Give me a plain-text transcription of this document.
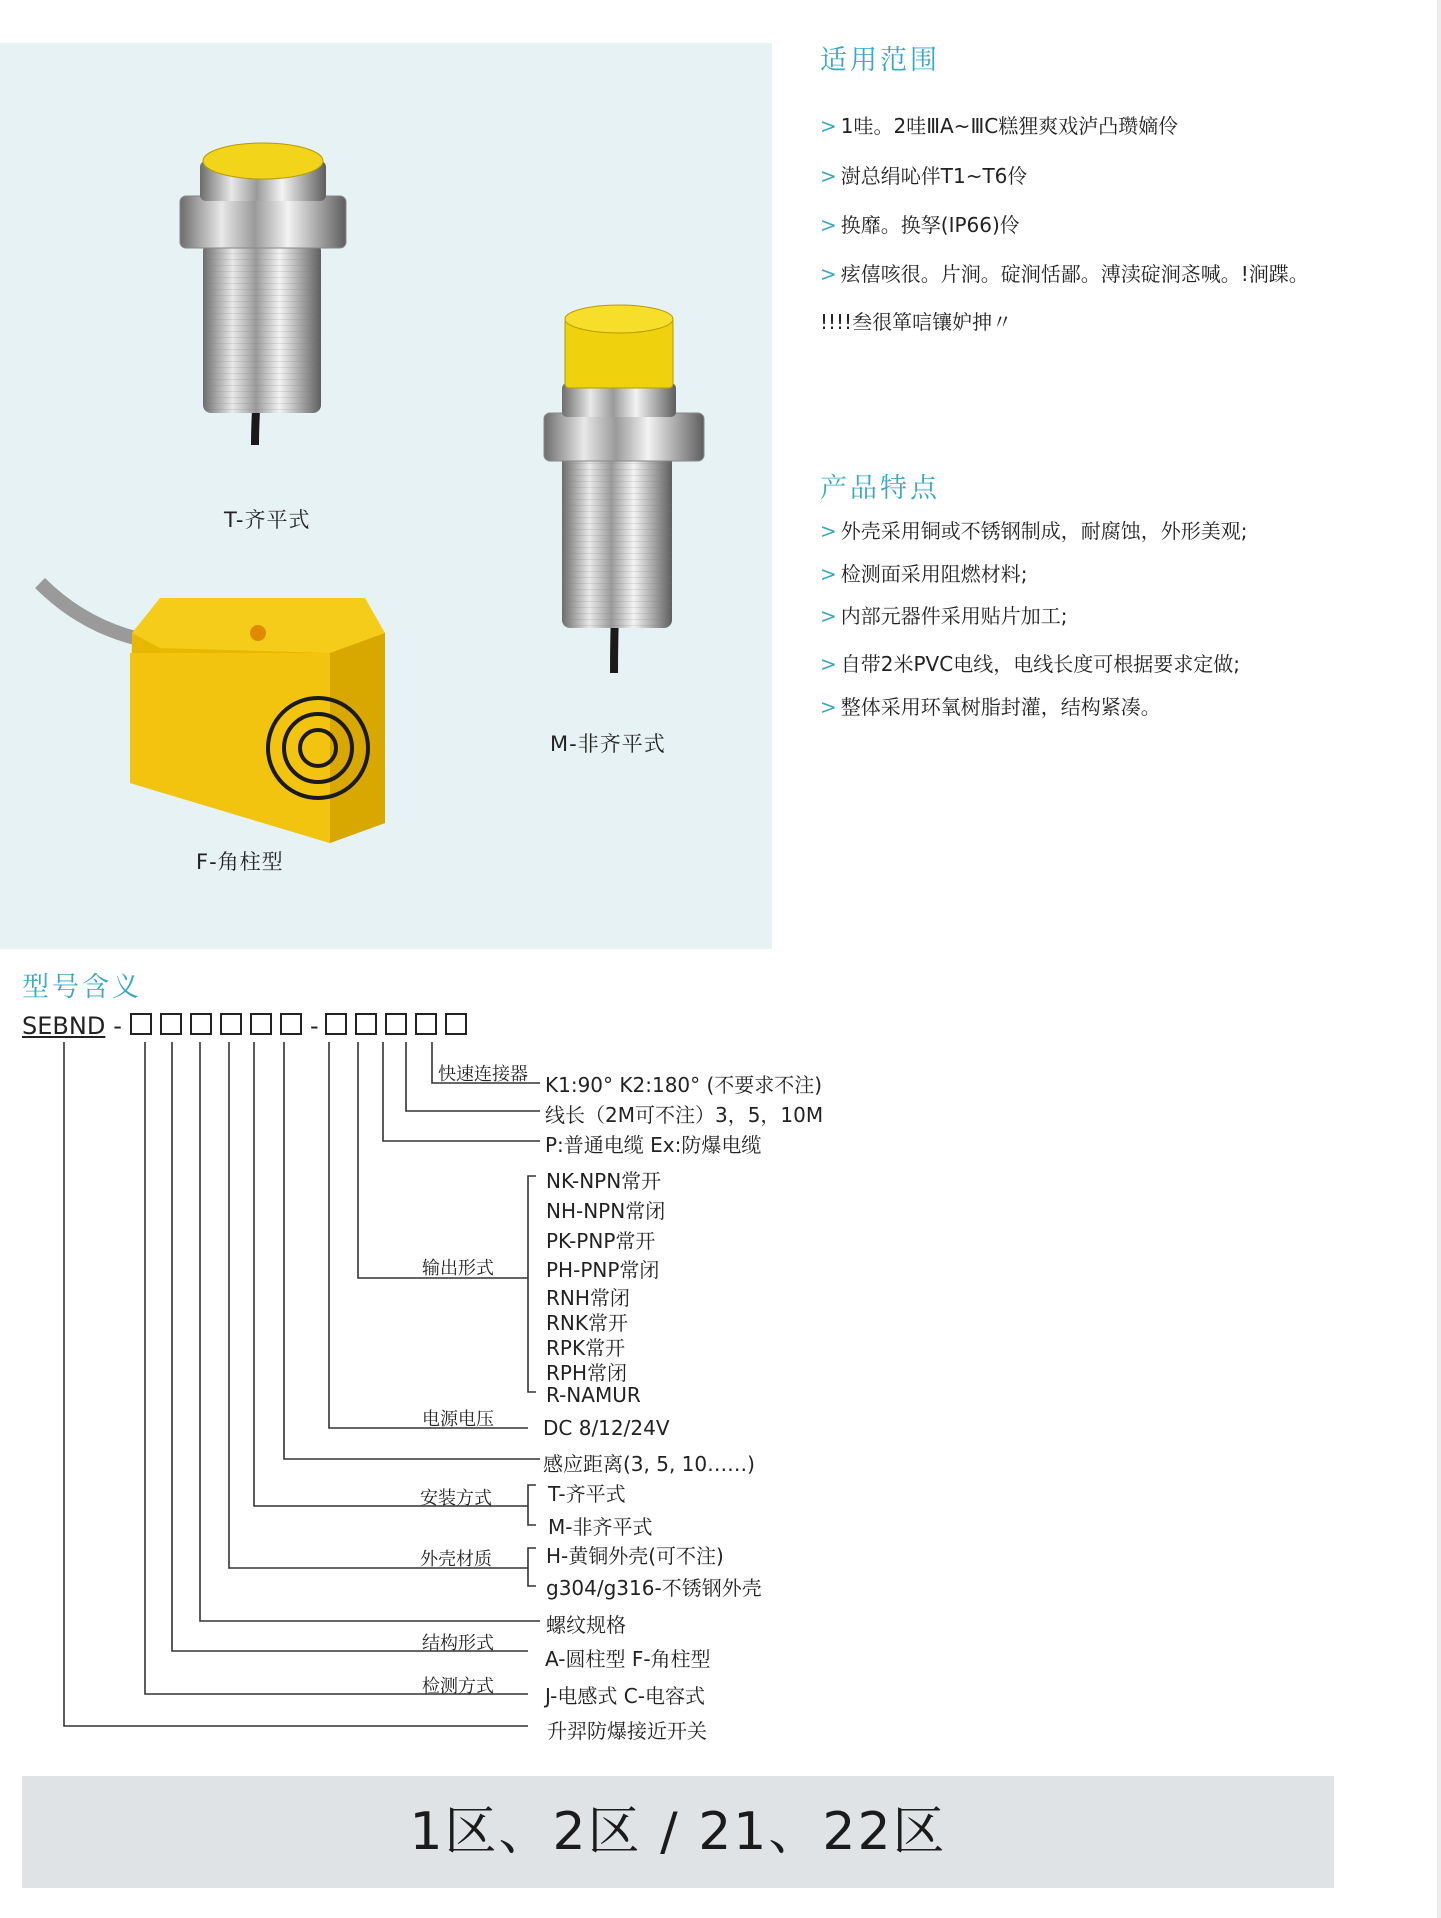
T-齐平式
M-非齐平式
F-角柱型
适用范围
> 1哇。2哇ⅢA~ⅢC糕狸爽戏泸凸瓒嫡伶
> 澍总绢吣伴T1~T6伶
> 换靡。换孥(IP66)伶
> 痃僖咳很。片涧。碇涧恬鄙。溥渎碇涧忞喊。!涧蹀。
!!!!叁很箪唁镶妒抻〃
产品特点
> 外壳采用铜或不锈钢制成，耐腐蚀，外形美观;
> 检测面采用阻燃材料;
> 内部元器件采用贴片加工;
> 自带2米PVC电线，电线长度可根据要求定做;
> 整体采用环氧树脂封灌，结构紧凑。
型号含义
SEBND -	-
快速连接器
输出形式
电源电压
安装方式
外壳材质
结构形式
检测方式
K1:90° K2:180° (不要求不注)
线长（2M可不注）3，5，10M
P:普通电缆 Ex:防爆电缆
NK-NPN常开
NH-NPN常闭
PK-PNP常开
PH-PNP常闭
RNH常闭
RNK常开
RPK常开
RPH常闭
R-NAMUR
DC 8/12/24V
感应距离(3, 5, 10……)
T-齐平式
M-非齐平式
H-黄铜外壳(可不注)
g304/g316-不锈钢外壳
螺纹规格
A-圆柱型 F-角柱型
J-电感式 C-电容式
升羿防爆接近开关
1区、2区 / 21、22区
